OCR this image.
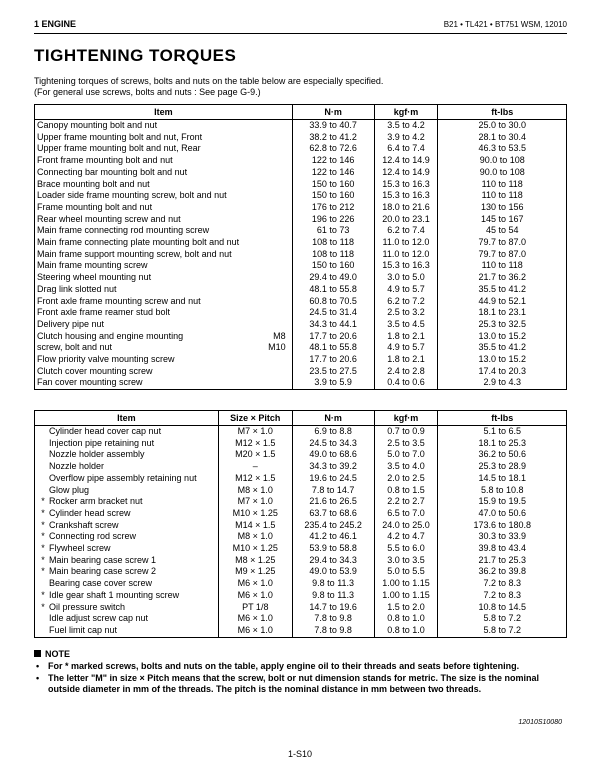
1 ENGINE	B21 • TL421 • BT751 WSM, 12010
TIGHTENING TORQUES
Tightening torques of screws, bolts and nuts on the table below are especially specified.
(For general use screws, bolts and nuts : See page G-9.)
Item	N·m	kgf·m	ft-lbs
Canopy mounting bolt and nut	33.9 to 40.7	3.5 to 4.2	25.0 to 30.0
Upper frame mounting bolt and nut, Front	38.2 to 41.2	3.9 to 4.2	28.1 to 30.4
Upper frame mounting bolt and nut, Rear	62.8 to 72.6	6.4 to 7.4	46.3 to 53.5
Front frame mounting bolt and nut	122 to 146	12.4 to 14.9	90.0 to 108
Connecting bar mounting bolt and nut	122 to 146	12.4 to 14.9	90.0 to 108
Brace mounting bolt and nut	150 to 160	15.3 to 16.3	110 to 118
Loader side frame mounting screw, bolt and nut	150 to 160	15.3 to 16.3	110 to 118
Frame mounting bolt and nut	176 to 212	18.0 to 21.6	130 to 156
Rear wheel mounting screw and nut	196 to 226	20.0 to 23.1	145 to 167
Main frame connecting rod mounting screw	61 to 73	6.2 to 7.4	45 to 54
Main frame connecting plate mounting bolt and nut	108 to 118	11.0 to 12.0	79.7 to 87.0
Main frame support mounting screw, bolt and nut	108 to 118	11.0 to 12.0	79.7 to 87.0
Main frame mounting screw	150 to 160	15.3 to 16.3	110 to 118
Steering wheel mounting nut	29.4 to 49.0	3.0 to 5.0	21.7 to 36.2
Drag link slotted nut	48.1 to 55.8	4.9 to 5.7	35.5 to 41.2
Front axle frame mounting screw and nut	60.8 to 70.5	6.2 to 7.2	44.9 to 52.1
Front axle frame reamer stud bolt	24.5 to 31.4	2.5 to 3.2	18.1 to 23.1
Delivery pipe nut	34.3 to 44.1	3.5 to 4.5	25.3 to 32.5
Clutch housing and engine mounting M8	17.7 to 20.6	1.8 to 2.1	13.0 to 15.2
screw, bolt and nut M10	48.1 to 55.8	4.9 to 5.7	35.5 to 41.2
Flow priority valve mounting screw	17.7 to 20.6	1.8 to 2.1	13.0 to 15.2
Clutch cover mounting screw	23.5 to 27.5	2.4 to 2.8	17.4 to 20.3
Fan cover mounting screw	3.9 to 5.9	0.4 to 0.6	2.9 to 4.3
Item	Size × Pitch	N·m	kgf·m	ft-lbs
Cylinder head cover cap nut	M7 × 1.0	6.9 to 8.8	0.7 to 0.9	5.1 to 6.5
Injection pipe retaining nut	M12 × 1.5	24.5 to 34.3	2.5 to 3.5	18.1 to 25.3
Nozzle holder assembly	M20 × 1.5	49.0 to 68.6	5.0 to 7.0	36.2 to 50.6
Nozzle holder	–	34.3 to 39.2	3.5 to 4.0	25.3 to 28.9
Overflow pipe assembly retaining nut	M12 × 1.5	19.6 to 24.5	2.0 to 2.5	14.5 to 18.1
Glow plug	M8 × 1.0	7.8 to 14.7	0.8 to 1.5	5.8 to 10.8
* Rocker arm bracket nut	M7 × 1.0	21.6 to 26.5	2.2 to 2.7	15.9 to 19.5
* Cylinder head screw	M10 × 1.25	63.7 to 68.6	6.5 to 7.0	47.0 to 50.6
* Crankshaft screw	M14 × 1.5	235.4 to 245.2	24.0 to 25.0	173.6 to 180.8
* Connecting rod screw	M8 × 1.0	41.2 to 46.1	4.2 to 4.7	30.3 to 33.9
* Flywheel screw	M10 × 1.25	53.9 to 58.8	5.5 to 6.0	39.8 to 43.4
* Main bearing case screw 1	M8 × 1.25	29.4 to 34.3	3.0 to 3.5	21.7 to 25.3
* Main bearing case screw 2	M9 × 1.25	49.0 to 53.9	5.0 to 5.5	36.2 to 39.8
Bearing case cover screw	M6 × 1.0	9.8 to 11.3	1.00 to 1.15	7.2 to 8.3
* Idle gear shaft 1 mounting screw	M6 × 1.0	9.8 to 11.3	1.00 to 1.15	7.2 to 8.3
* Oil pressure switch	PT 1/8	14.7 to 19.6	1.5 to 2.0	10.8 to 14.5
Idle adjust screw cap nut	M6 × 1.0	7.8 to 9.8	0.8 to 1.0	5.8 to 7.2
Fuel limit cap nut	M6 × 1.0	7.8 to 9.8	0.8 to 1.0	5.8 to 7.2
NOTE
• For * marked screws, bolts and nuts on the table, apply engine oil to their threads and seats before tightening.
• The letter "M" in size × Pitch means that the screw, bolt or nut dimension stands for metric. The size is the nominal outside diameter in mm of the threads. The pitch is the nominal distance in mm between two threads.
12010S10080
1-S10
